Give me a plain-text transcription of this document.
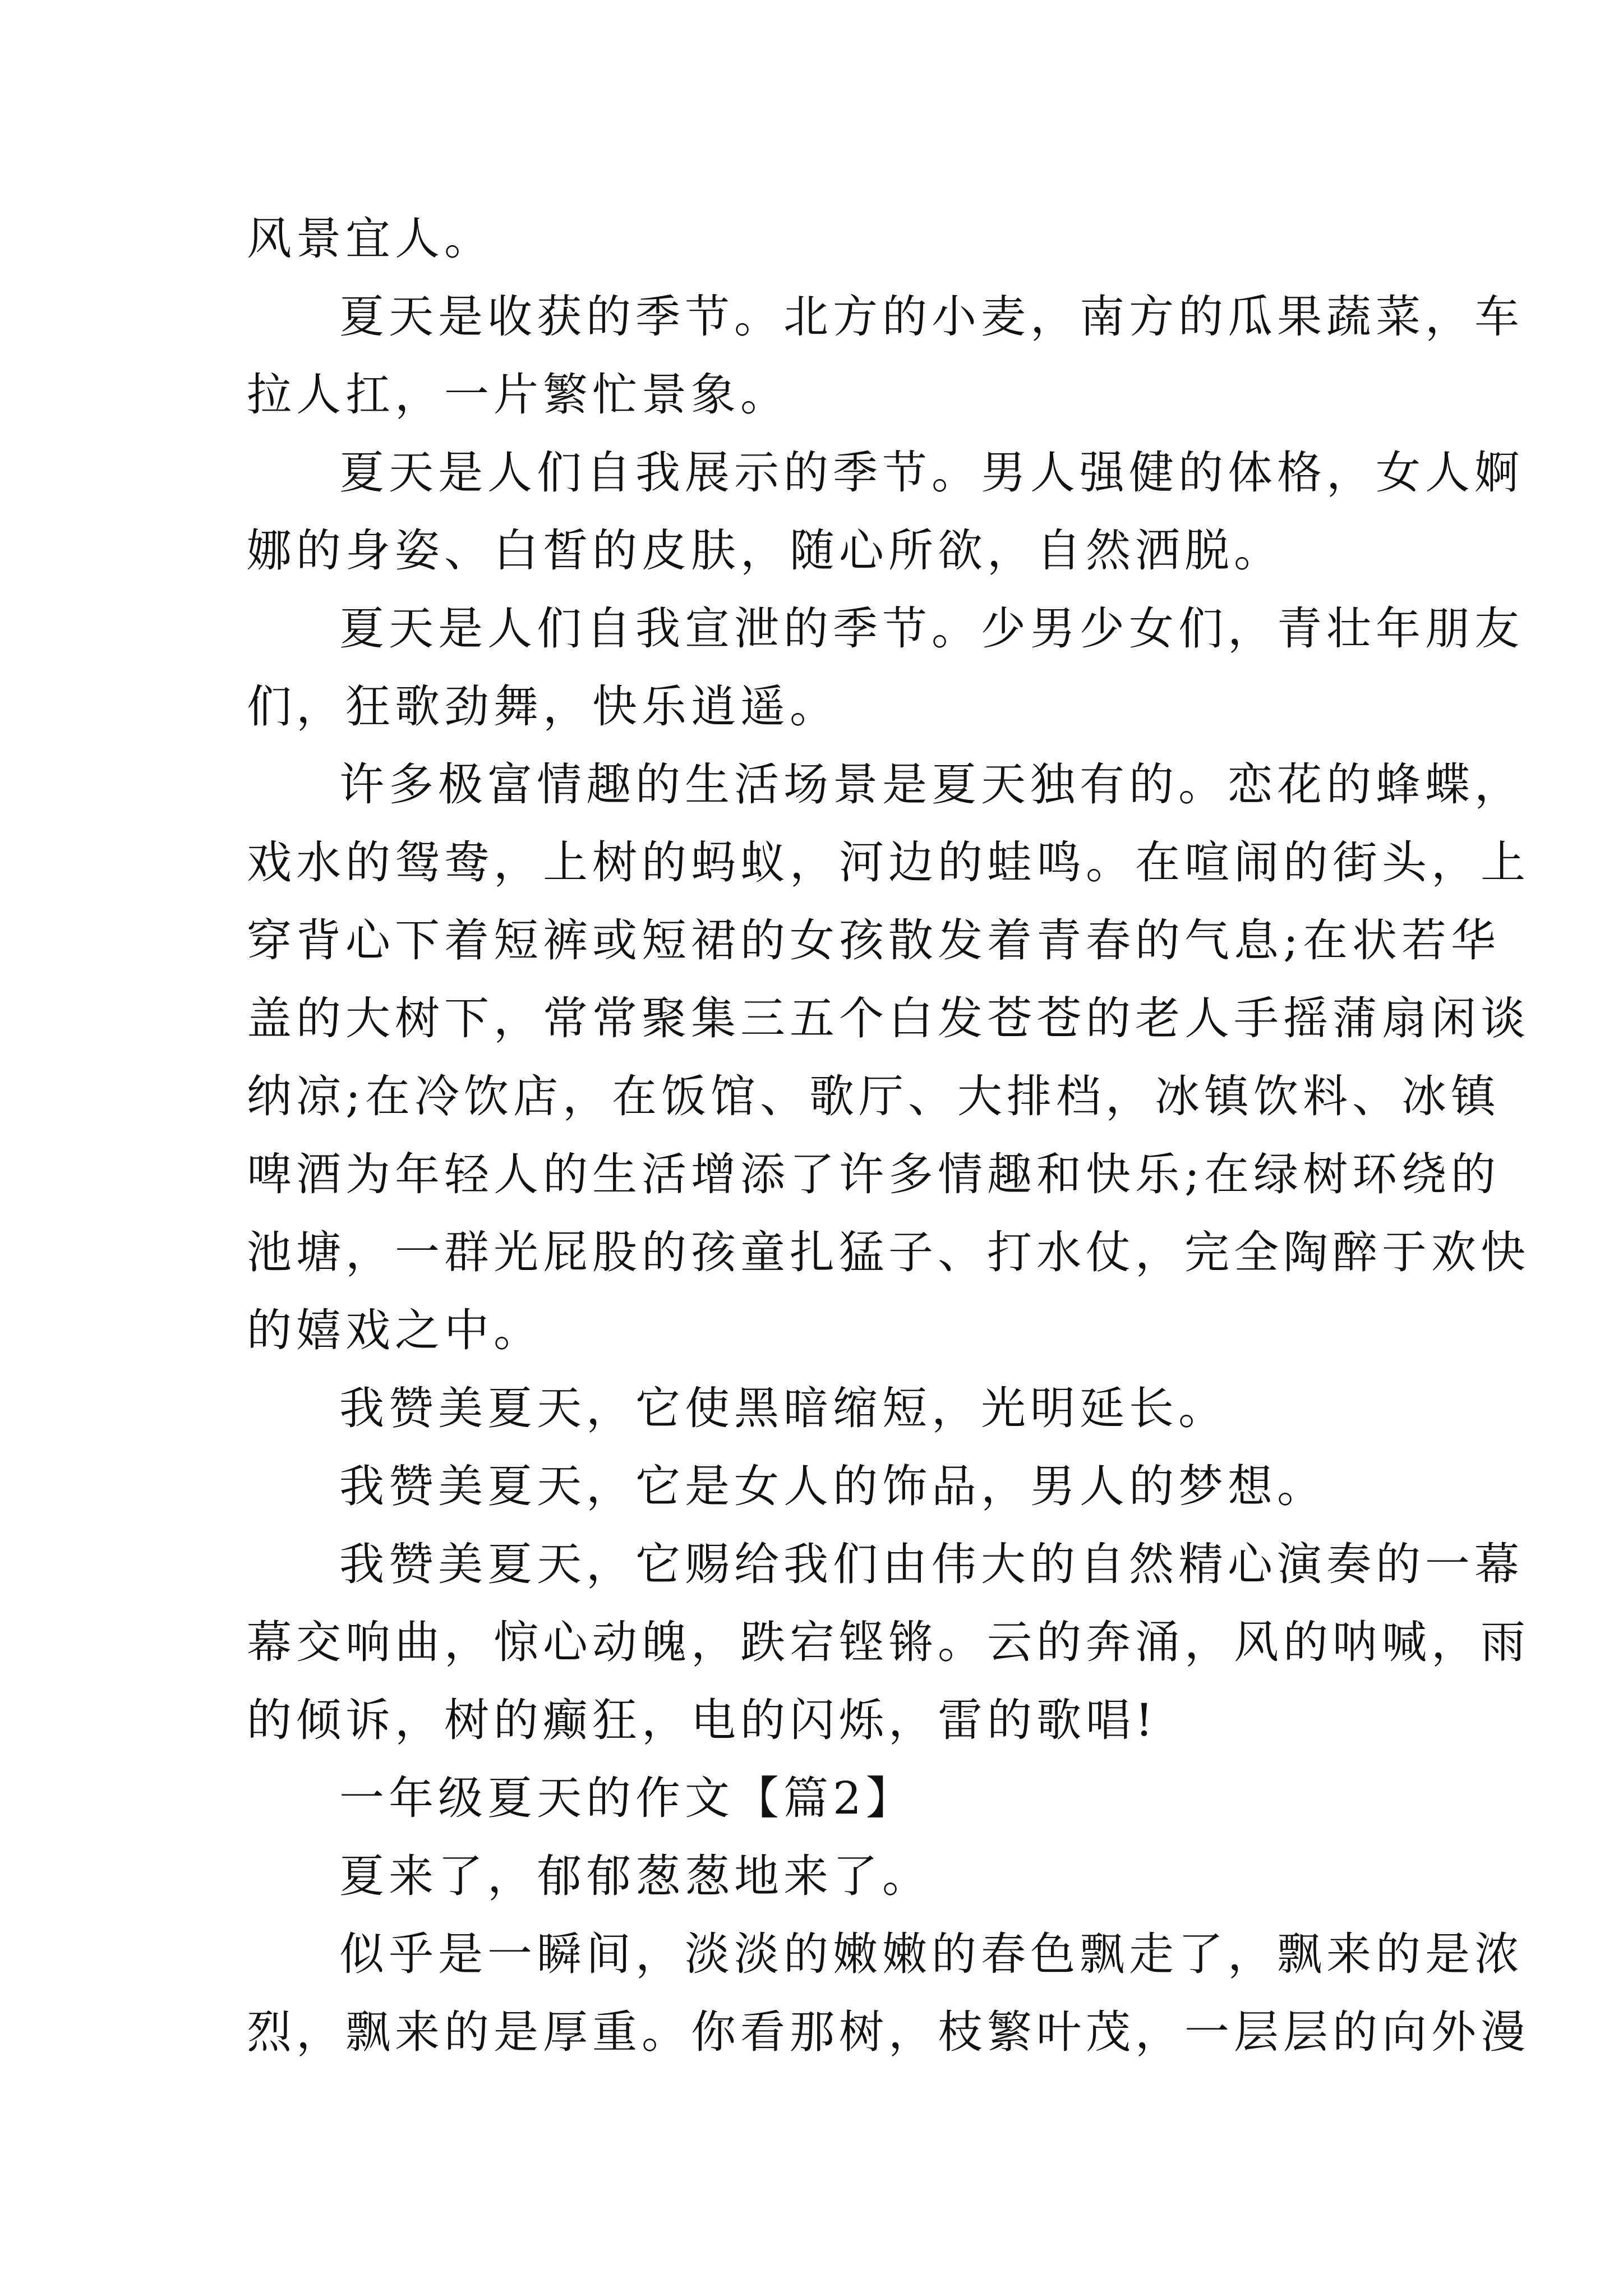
风景宜人。
夏天是收获的季节。北方的小麦，南方的瓜果蔬菜，车
拉人扛，一片繁忙景象。
夏天是人们自我展示的季节。男人强健的体格，女人婀
娜的身姿、白皙的皮肤，随心所欲，自然洒脱。
夏天是人们自我宣泄的季节。少男少女们，青壮年朋友
们，狂歌劲舞，快乐逍遥。
许多极富情趣的生活场景是夏天独有的。恋花的蜂蝶，
戏水的鸳鸯，上树的蚂蚁，河边的蛙鸣。在喧闹的街头，上
穿背心下着短裤或短裙的女孩散发着青春的气息;在状若华
盖的大树下，常常聚集三五个白发苍苍的老人手摇蒲扇闲谈
纳凉;在冷饮店，在饭馆、歌厅、大排档，冰镇饮料、冰镇
啤酒为年轻人的生活增添了许多情趣和快乐;在绿树环绕的
池塘，一群光屁股的孩童扎猛子、打水仗，完全陶醉于欢快
的嬉戏之中。
我赞美夏天，它使黑暗缩短，光明延长。
我赞美夏天，它是女人的饰品，男人的梦想。
我赞美夏天，它赐给我们由伟大的自然精心演奏的一幕
幕交响曲，惊心动魄，跌宕铿锵。云的奔涌，风的呐喊，雨
的倾诉，树的癫狂，电的闪烁，雷的歌唱!
一年级夏天的作文【篇2】
夏来了，郁郁葱葱地来了。
似乎是一瞬间，淡淡的嫩嫩的春色飘走了，飘来的是浓
烈，飘来的是厚重。你看那树，枝繁叶茂，一层层的向外漫
